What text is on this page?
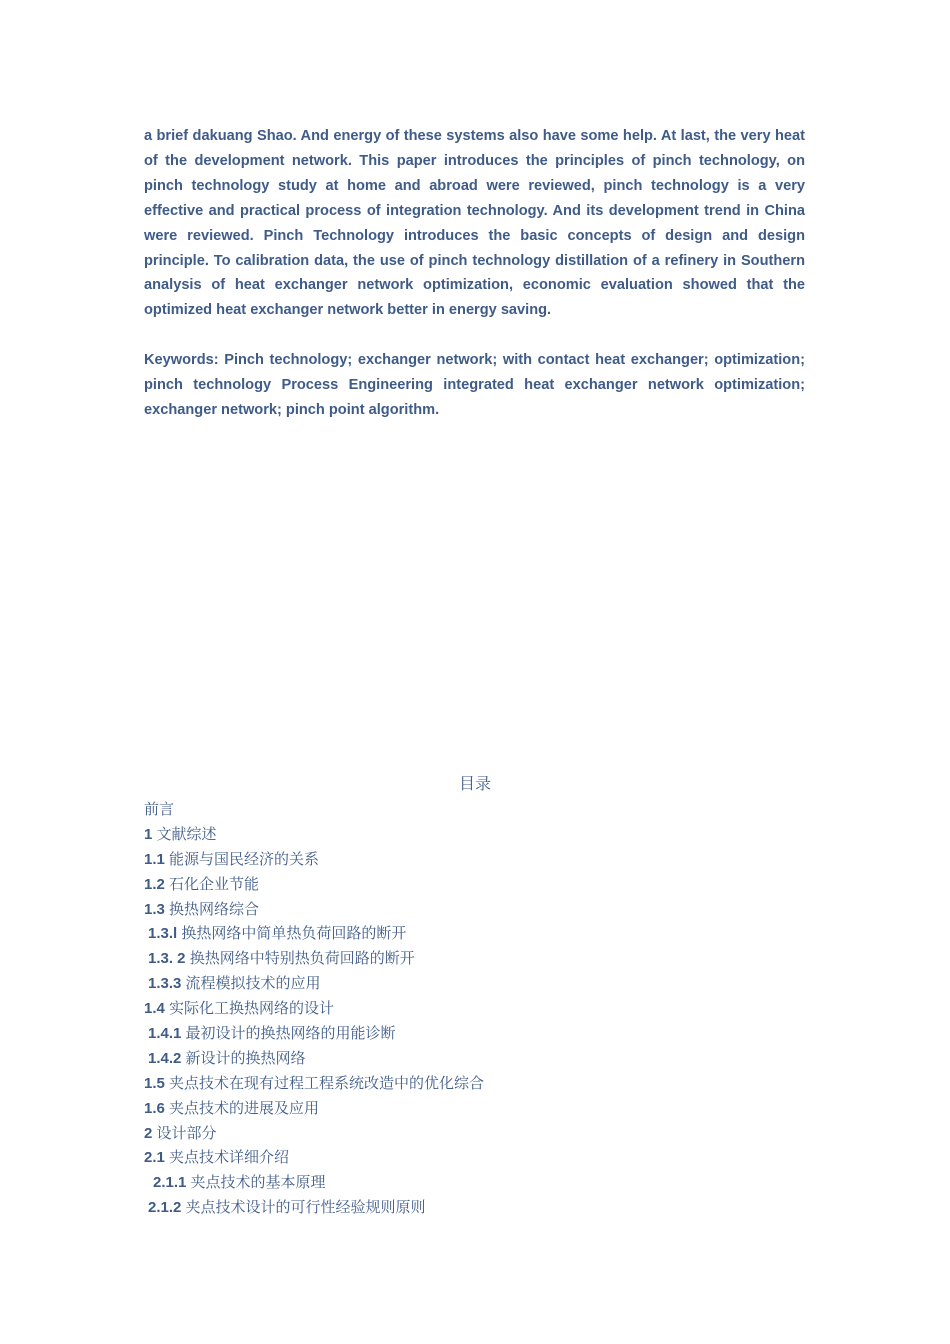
a brief dakuang Shao. And energy of these systems also have some help. At last, the very heat of the development network. This paper introduces the principles of pinch technology, on pinch technology study at home and abroad were reviewed, pinch technology is a very effective and practical process of integration technology. And its development trend in China were reviewed. Pinch Technology introduces the basic concepts of design and design principle. To calibration data, the use of pinch technology distillation of a refinery in Southern analysis of heat exchanger network optimization, economic evaluation showed that the optimized heat exchanger network better in energy saving.

Keywords: Pinch technology; exchanger network; with contact heat exchanger; optimization; pinch technology Process Engineering integrated heat exchanger network optimization; exchanger network; pinch point algorithm.

目录
前言
1 文献综述
1.1 能源与国民经济的关系
1.2 石化企业节能
1.3 换热网络综合
1.3.l 换热网络中简单热负荷回路的断开
1.3. 2 换热网络中特别热负荷回路的断开
1.3.3 流程模拟技术的应用
1.4 实际化工换热网络的设计
1.4.1 最初设计的换热网络的用能诊断
1.4.2 新设计的换热网络
1.5 夹点技术在现有过程工程系统改造中的优化综合
1.6 夹点技术的进展及应用
2 设计部分
2.1 夹点技术详细介绍
2.1.1 夹点技术的基本原理
2.1.2 夹点技术设计的可行性经验规则原则
